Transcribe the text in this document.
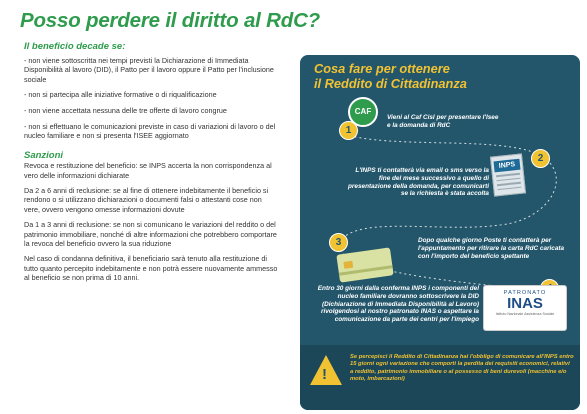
Posso perdere il diritto al RdC?
Il beneficio decade se:

- non viene sottoscritta nei tempi previsti la Dichiarazione di Immediata Disponibilità al lavoro (DID), il Patto per il lavoro oppure il Patto per l'inclusione sociale

- non si partecipa alle iniziative formative o di riqualificazione

- non viene accettata nessuna delle tre offerte di lavoro congrue

- non si effettuano le comunicazioni previste in caso di variazioni di lavoro o del nucleo familiare e non si presenta l'ISEE aggiornato

Sanzioni

Revoca e restituzione del beneficio: se INPS accerta la non corrispondenza al vero delle informazioni dichiarate

Da 2 a 6 anni di reclusione: se al fine di ottenere indebitamente il beneficio si rendono o si utilizzano dichiarazioni o documenti falsi o attestanti cose non vere, ovvero vengono omesse informazioni dovute

Da 1 a 3 anni di reclusione: se non si comunicano le variazioni del reddito o del patrimonio immobiliare, nonché di altre informazioni che potrebbero comportare la revoca del beneficio ovvero la sua riduzione

Nel caso di condanna definitiva, il beneficiario sarà tenuto alla restituzione di tutto quanto percepito indebitamente e non potrà essere nuovamente ammesso al beneficio se non prima di 10 anni.

Cosa fare per ottenere
il Reddito di Cittadinanza
CAF
1
Vieni al Caf Cisl per presentare l'Isee e la domanda di RdC
INPS
2
L'INPS ti contatterà via email o sms verso la fine del mese successivo a quello di presentazione della domanda, per comunicarti se la richiesta è stata accolta
3	Dopo qualche giorno Poste ti contatterà per l'appuntamento per ritirare la carta RdC caricata con l'importo del beneficio spettante
Entro 30 giorni dalla conferma INPS i componenti del nucleo familiare dovranno sottoscrivere la DID (Dichiarazione di Immediata Disponibilità al Lavoro) rivolgendosi al nostro patronato INAS o aspettare la comunicazione da parte dei centri per l'impiego
PATRONATO
INAS
Istituto Nazionale Assistenza Sociale
!
Se percepisci il Reddito di Cittadinanza hai l'obbligo di comunicare all'INPS entro 15 giorni ogni variazione che comporti la perdita dei requisiti economici, relativi a reddito, patrimonio immobiliare o al possesso di beni durevoli (macchine e/o moto, imbarcazioni)
